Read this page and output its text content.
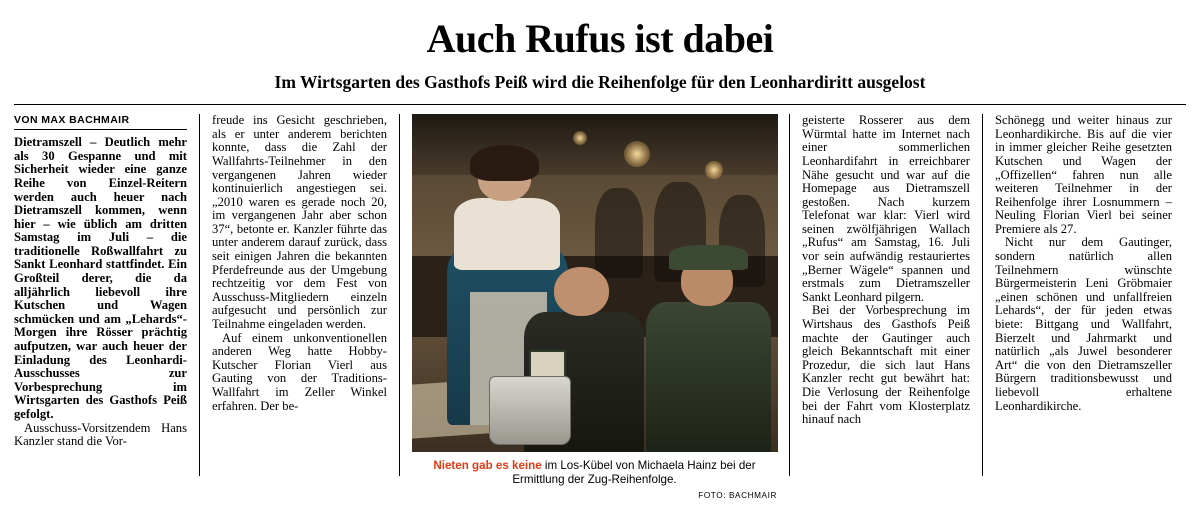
Auch Rufus ist dabei
Im Wirtsgarten des Gasthofs Peiß wird die Reihenfolge für den Leonhardiritt ausgelost
VON MAX BACHMAIR

Dietramszell – Deutlich mehr als 30 Gespanne und mit Sicherheit wieder eine ganze Reihe von Einzel-Reitern werden auch heuer nach Dietramszell kommen, wenn hier – wie üblich am dritten Samstag im Juli – die traditionelle Roßwallfahrt zu Sankt Leonhard stattfindet. Ein Großteil derer, die da alljährlich liebevoll ihre Kutschen und Wagen schmücken und am „Lehards“-Morgen ihre Rösser prächtig aufputzen, war auch heuer der Einladung des Leonhardi-Ausschusses zur Vorbesprechung im Wirtsgarten des Gasthofs Peiß gefolgt.

Ausschuss-Vorsitzendem Hans Kanzler stand die Vor-

freude ins Gesicht geschrieben, als er unter anderem berichten konnte, dass die Zahl der Wallfahrts-Teilnehmer in den vergangenen Jahren wieder kontinuierlich angestiegen sei. „2010 waren es gerade noch 20, im vergangenen Jahr aber schon 37“, betonte er. Kanzler führte das unter anderem darauf zurück, dass seit einigen Jahren die bekannten Pferdefreunde aus der Umgebung rechtzeitig vor dem Fest von Ausschuss-Mitgliedern einzeln aufgesucht und persönlich zur Teilnahme eingeladen werden.

Auf einem unkonventionellen anderen Weg hatte Hobby-Kutscher Florian Vierl aus Gauting von der Traditions-Wallfahrt im Zeller Winkel erfahren. Der be-

Nieten gab es keine im Los-Kübel von Michaela Hainz bei der Ermittlung der Zug-Reihenfolge.
FOTO: BACHMAIR

geisterte Rosserer aus dem Würmtal hatte im Internet nach einer sommerlichen Leonhardifahrt in erreichbarer Nähe gesucht und war auf die Homepage aus Dietramszell gestoßen. Nach kurzem Telefonat war klar: Vierl wird seinen zwölfjährigen Wallach „Rufus“ am Samstag, 16. Juli vor sein aufwändig restauriertes „Berner Wägele“ spannen und erstmals zum Dietramszeller Sankt Leonhard pilgern.

Bei der Vorbesprechung im Wirtshaus des Gasthofs Peiß machte der Gautinger auch gleich Bekanntschaft mit einer Prozedur, die sich laut Hans Kanzler recht gut bewährt hat: Die Verlosung der Reihenfolge bei der Fahrt vom Klosterplatz hinauf nach

Schönegg und weiter hinaus zur Leonhardikirche. Bis auf die vier in immer gleicher Reihe gesetzten Kutschen und Wagen der „Offizellen“ fahren nun alle weiteren Teilnehmer in der Reihenfolge ihrer Losnummern – Neuling Florian Vierl bei seiner Premiere als 27.

Nicht nur dem Gautinger, sondern natürlich allen Teilnehmern wünschte Bürgermeisterin Leni Gröbmaier „einen schönen und unfallfreien Lehards“, der für jeden etwas biete: Bittgang und Wallfahrt, Bierzelt und Jahrmarkt und natürlich „als Juwel besonderer Art“ die von den Dietramszeller Bürgern traditionsbewusst und liebevoll erhaltene Leonhardikirche.
